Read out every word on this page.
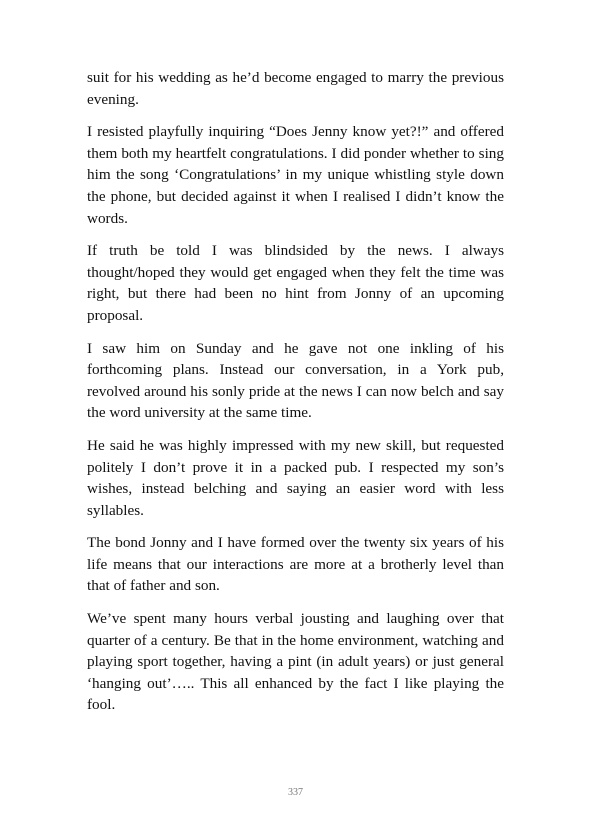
suit for his wedding as he’d become engaged to marry the previous evening.

I resisted playfully inquiring “Does Jenny know yet?!” and offered them both my heartfelt congratulations. I did ponder whether to sing him the song ‘Congratulations’ in my unique whistling style down the phone, but decided against it when I realised I didn’t know the words.

If truth be told I was blindsided by the news. I always thought/hoped they would get engaged when they felt the time was right, but there had been no hint from Jonny of an upcoming proposal.

I saw him on Sunday and he gave not one inkling of his forthcoming plans. Instead our conversation, in a York pub, revolved around his sonly pride at the news I can now belch and say the word university at the same time.

He said he was highly impressed with my new skill, but requested politely I don’t prove it in a packed pub. I respected my son’s wishes, instead belching and saying an easier word with less syllables.

The bond Jonny and I have formed over the twenty six years of his life means that our interactions are more at a brotherly level than that of father and son.

We’ve spent many hours verbal jousting and laughing over that quarter of a century. Be that in the home environment, watching and playing sport together, having a pint (in adult years) or just general ‘hanging out’….. This all enhanced by the fact I like playing the fool.

337
